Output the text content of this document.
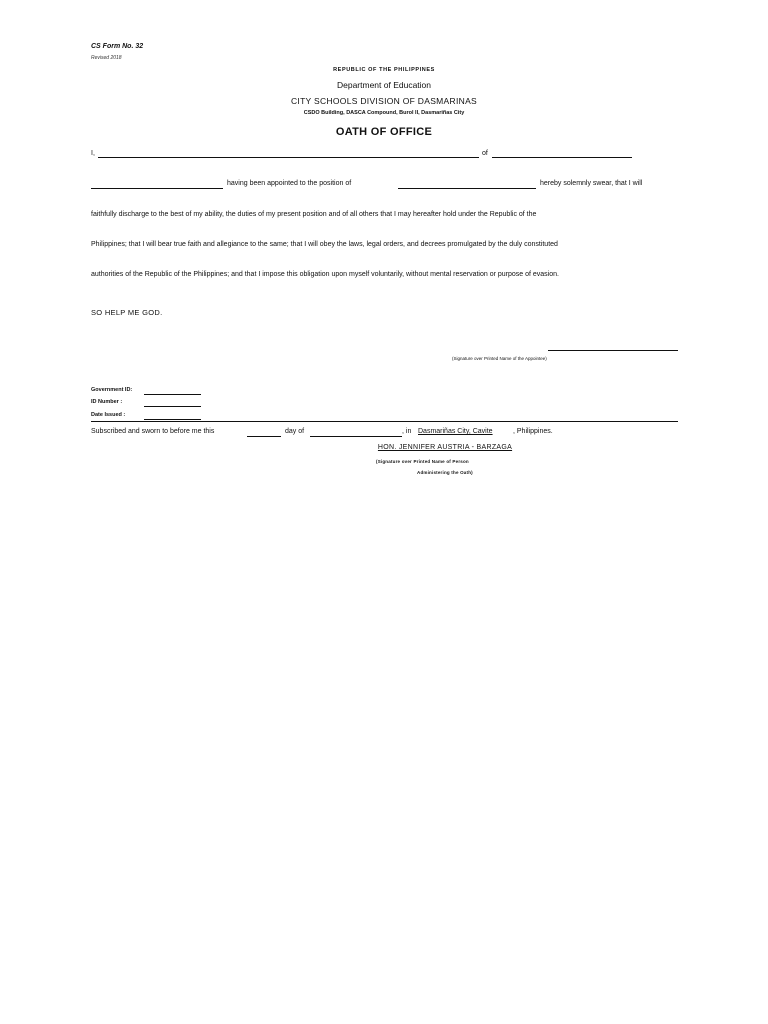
CS Form No. 32
Revised 2018
REPUBLIC OF THE PHILIPPINES
Department of Education
CITY SCHOOLS DIVISION OF DASMARINAS
CSDO Building, DASCA Compound, Burol II, Dasmariñas City
OATH OF OFFICE
I,	of
having been appointed to the position of	hereby solemnly swear, that I will
faithfully discharge to the best of my ability, the duties of my present position and of all others that I may hereafter hold under the Republic of the
Philippines; that I will bear true faith and allegiance to the same; that I will obey the laws, legal orders, and decrees promulgated by the duly constituted
authorities of the Republic of the Philippines; and that I impose this obligation upon myself voluntarily, without mental reservation or purpose of evasion.
SO HELP ME GOD.
(Signature over Printed Name of the Appointee)
Government ID:
ID Number :
Date Issued :
Subscribed and sworn to before me this	day of	, in Dasmariñas City, Cavite	, Philippines.
HON. JENNIFER AUSTRIA - BARZAGA
(Signature over Printed Name of Person
Administering the Oath)
